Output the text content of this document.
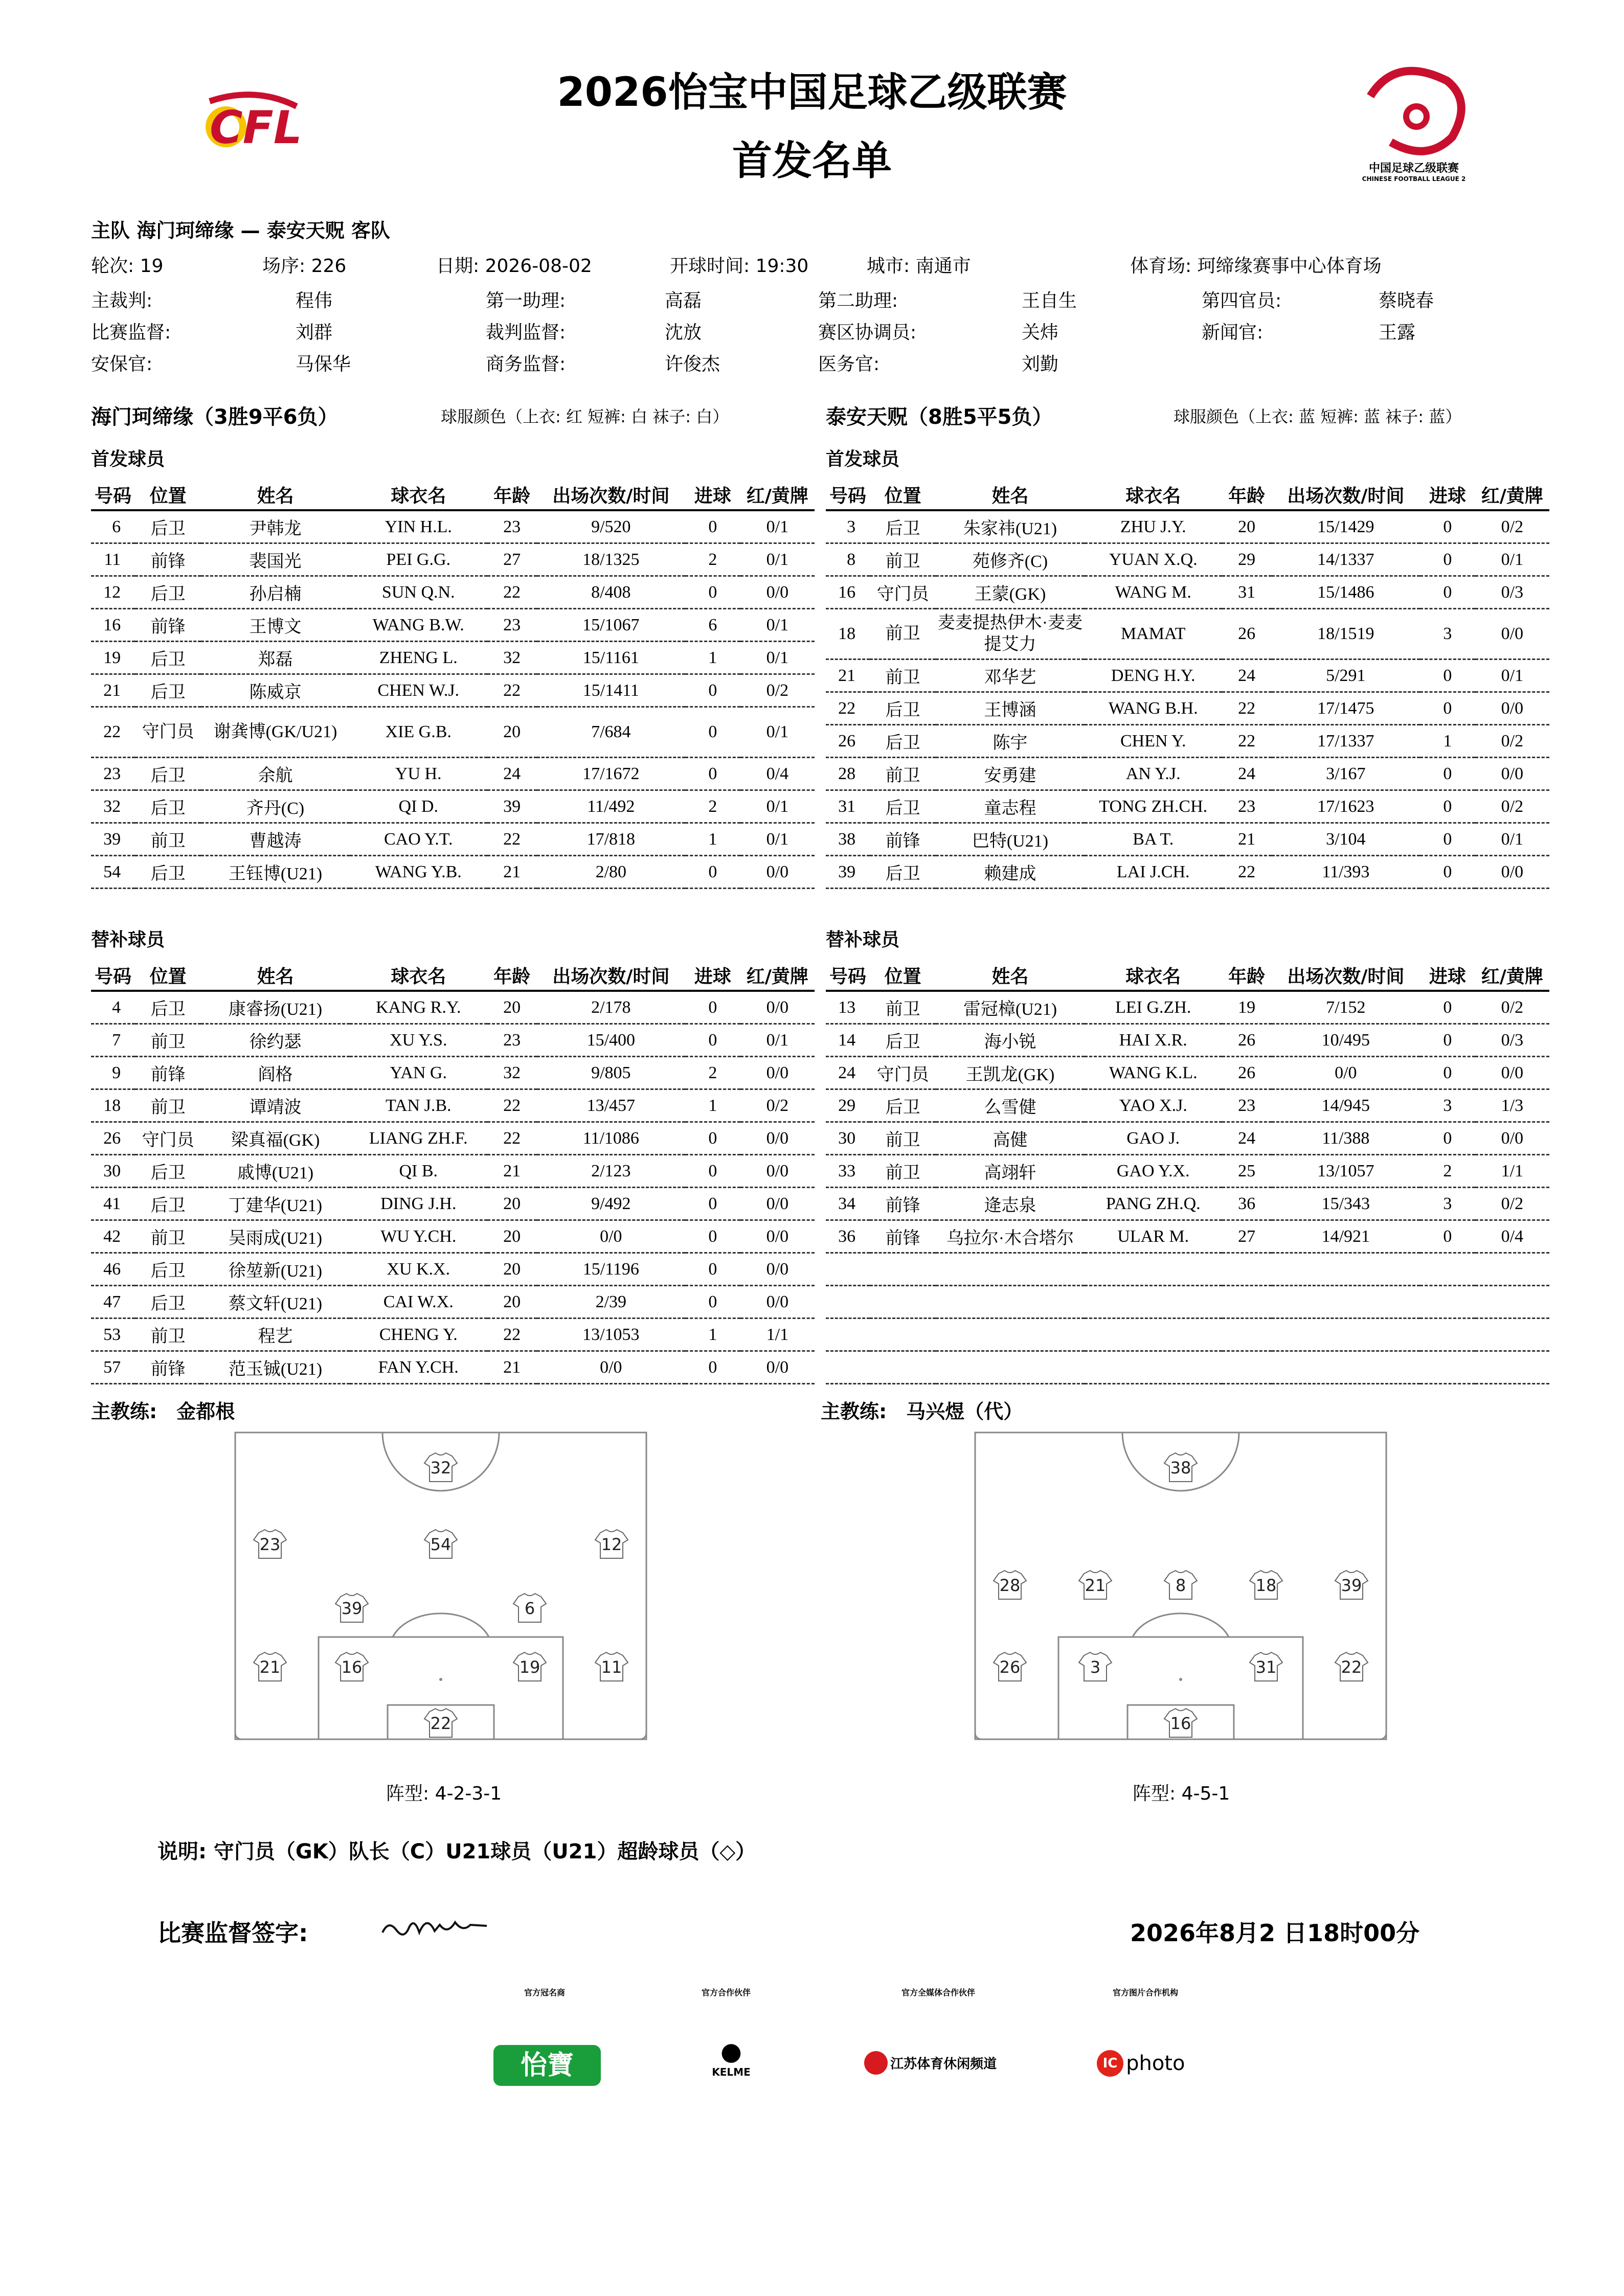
CFL
2026怡宝中国足球乙级联赛
首发名单	中国足球乙级联赛
CHINESE FOOTBALL LEAGUE 2
主队 海门珂缔缘 — 泰安天贶 客队
轮次: 19	场序: 226	日期: 2026-08-02	开球时间: 19:30	城市: 南通市	体育场: 珂缔缘赛事中心体育场
主裁判:	程伟	第一助理:	高磊	第二助理:	王自生	第四官员:	蔡晓春
比赛监督:	刘群	裁判监督:	沈放	赛区协调员:	关炜	新闻官:	王露
安保官:	马保华	商务监督:	许俊杰	医务官:	刘勤
海门珂缔缘（3胜9平6负）	球服颜色（上衣: 红 短裤: 白 袜子: 白）	泰安天贶（8胜5平5负）	球服颜色（上衣: 蓝 短裤: 蓝 袜子: 蓝）
首发球员	首发球员
替补球员	替补球员
号码	位置	姓名	球衣名	年龄	出场次数/时间	进球	红/黄牌
6	后卫	尹韩龙	YIN H.L.	23	9/520	0	0/1
11	前锋	裴国光	PEI G.G.	27	18/1325	2	0/1
12	后卫	孙启楠	SUN Q.N.	22	8/408	0	0/0
16	前锋	王博文	WANG B.W.	23	15/1067	6	0/1
19	后卫	郑磊	ZHENG L.	32	15/1161	1	0/1
21	后卫	陈威京	CHEN W.J.	22	15/1411	0	0/2
22	守门员	谢龚博(GK/U21)	XIE G.B.	20	7/684	0	0/1
23	后卫	余航	YU H.	24	17/1672	0	0/4
32	后卫	齐丹(C)	QI D.	39	11/492	2	0/1
39	前卫	曹越涛	CAO Y.T.	22	17/818	1	0/1
54	后卫	王钰博(U21)	WANG Y.B.	21	2/80	0	0/0
号码	位置	姓名	球衣名	年龄	出场次数/时间	进球	红/黄牌
3	后卫	朱家祎(U21)	ZHU J.Y.	20	15/1429	0	0/2
8	前卫	苑修齐(C)	YUAN X.Q.	29	14/1337	0	0/1
16	守门员	王蒙(GK)	WANG M.	31	15/1486	0	0/3
18	前卫	麦麦提热伊木·麦麦提艾力	MAMAT	26	18/1519	3	0/0
21	前卫	邓华艺	DENG H.Y.	24	5/291	0	0/1
22	后卫	王博涵	WANG B.H.	22	17/1475	0	0/0
26	后卫	陈宇	CHEN Y.	22	17/1337	1	0/2
28	前卫	安勇建	AN Y.J.	24	3/167	0	0/0
31	后卫	童志程	TONG ZH.CH.	23	17/1623	0	0/2
38	前锋	巴特(U21)	BA T.	21	3/104	0	0/1
39	后卫	赖建成	LAI J.CH.	22	11/393	0	0/0
号码	位置	姓名	球衣名	年龄	出场次数/时间	进球	红/黄牌
4	后卫	康睿扬(U21)	KANG R.Y.	20	2/178	0	0/0
7	前卫	徐约瑟	XU Y.S.	23	15/400	0	0/1
9	前锋	阎格	YAN G.	32	9/805	2	0/0
18	前卫	谭靖波	TAN J.B.	22	13/457	1	0/2
26	守门员	梁真福(GK)	LIANG ZH.F.	22	11/1086	0	0/0
30	后卫	戚博(U21)	QI B.	21	2/123	0	0/0
41	后卫	丁建华(U21)	DING J.H.	20	9/492	0	0/0
42	前卫	吴雨成(U21)	WU Y.CH.	20	0/0	0	0/0
46	后卫	徐堃新(U21)	XU K.X.	20	15/1196	0	0/0
47	后卫	蔡文轩(U21)	CAI W.X.	20	2/39	0	0/0
53	前卫	程艺	CHENG Y.	22	13/1053	1	1/1
57	前锋	范玉铖(U21)	FAN Y.CH.	21	0/0	0	0/0
号码	位置	姓名	球衣名	年龄	出场次数/时间	进球	红/黄牌
13	前卫	雷冠樟(U21)	LEI G.ZH.	19	7/152	0	0/2
14	后卫	海小锐	HAI X.R.	26	10/495	0	0/3
24	守门员	王凯龙(GK)	WANG K.L.	26	0/0	0	0/0
29	后卫	么雪健	YAO X.J.	23	14/945	3	1/3
30	前卫	高健	GAO J.	24	11/388	0	0/0
33	前卫	高翊轩	GAO Y.X.	25	13/1057	2	1/1
34	前锋	逄志泉	PANG ZH.Q.	36	15/343	3	0/2
36	前锋	乌拉尔·木合塔尔	ULAR M.	27	14/921	0	0/4

主教练:　金都根	主教练:　马兴煜（代）
32
23	54	12
39	6
21	16	19	11
22
38
28	21	8	18	39
26	3	31	22
16
阵型: 4-2-3-1	阵型: 4-5-1
说明: 守门员（GK）队长（C）U21球员（U21）超龄球员（◇）
比赛监督签字:	2026年8月2 日18时00分
官方冠名商	官方合作伙伴	官方全媒体合作伙伴	官方图片合作机构
怡寶	●
KELME
江苏体育休闲频道	IC photo
